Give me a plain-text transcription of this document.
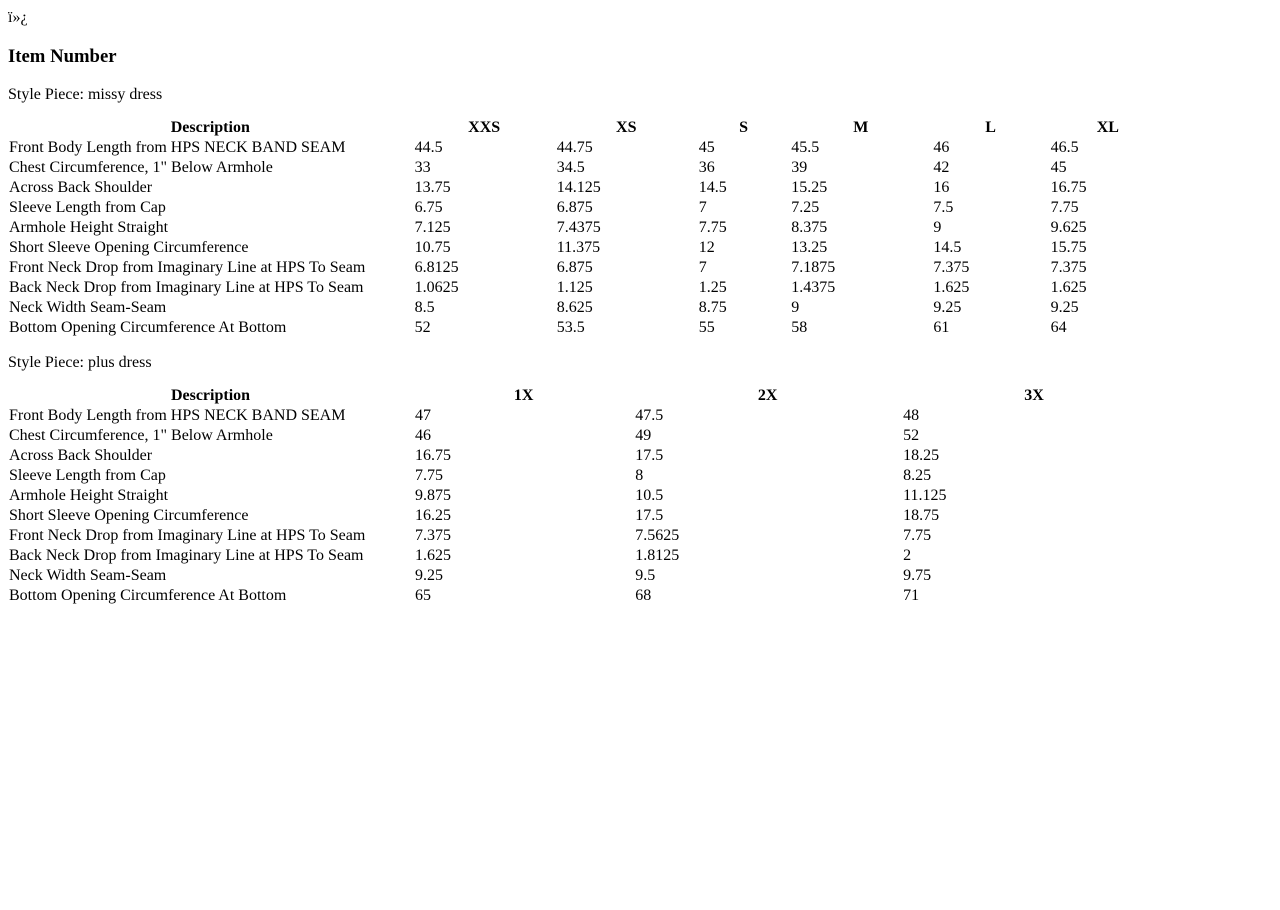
ï»¿
Item Number

Style Piece: missy dress

Description	XXS	XS	S	M	L	XL
Front Body Length from HPS NECK BAND SEAM	44.5	44.75	45	45.5	46	46.5
Chest Circumference, 1" Below Armhole	33	34.5	36	39	42	45
Across Back Shoulder	13.75	14.125	14.5	15.25	16	16.75
Sleeve Length from Cap	6.75	6.875	7	7.25	7.5	7.75
Armhole Height Straight	7.125	7.4375	7.75	8.375	9	9.625
Short Sleeve Opening Circumference	10.75	11.375	12	13.25	14.5	15.75
Front Neck Drop from Imaginary Line at HPS To Seam	6.8125	6.875	7	7.1875	7.375	7.375
Back Neck Drop from Imaginary Line at HPS To Seam	1.0625	1.125	1.25	1.4375	1.625	1.625
Neck Width Seam-Seam	8.5	8.625	8.75	9	9.25	9.25
Bottom Opening Circumference At Bottom	52	53.5	55	58	61	64

Style Piece: plus dress

Description	1X	2X	3X
Front Body Length from HPS NECK BAND SEAM	47	47.5	48
Chest Circumference, 1" Below Armhole	46	49	52
Across Back Shoulder	16.75	17.5	18.25
Sleeve Length from Cap	7.75	8	8.25
Armhole Height Straight	9.875	10.5	11.125
Short Sleeve Opening Circumference	16.25	17.5	18.75
Front Neck Drop from Imaginary Line at HPS To Seam	7.375	7.5625	7.75
Back Neck Drop from Imaginary Line at HPS To Seam	1.625	1.8125	2
Neck Width Seam-Seam	9.25	9.5	9.75
Bottom Opening Circumference At Bottom	65	68	71
